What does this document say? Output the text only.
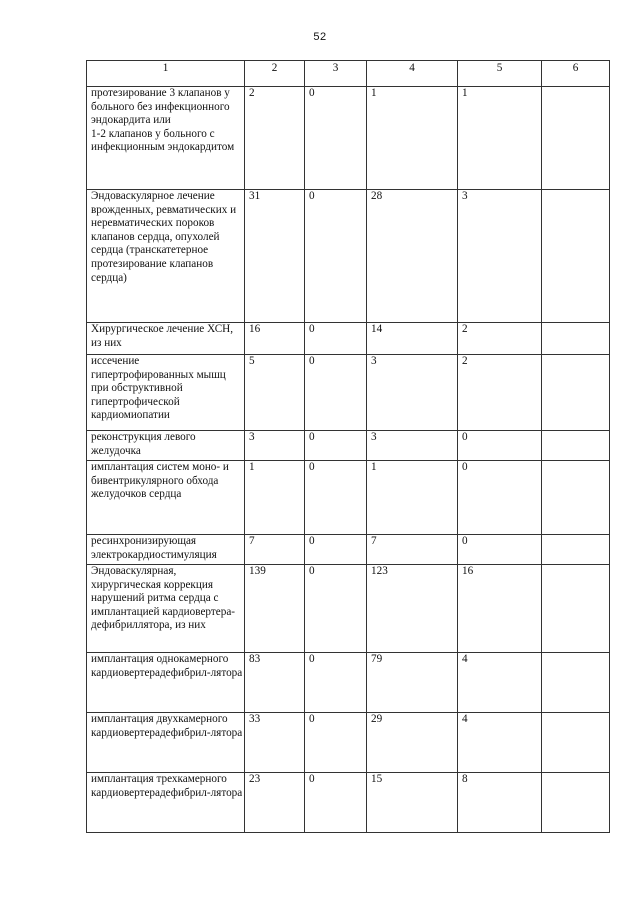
52
1	2	3	4	5	6
протезирование 3 клапанов у больного без инфекционного эндокардита или
1-2 клапанов у больного с инфекционным эндокардитом	2	0	1	1	
Эндоваскулярное лечение врожденных, ревматических и неревматических пороков клапанов сердца, опухолей сердца (транскатетерное протезирование клапанов сердца)	31	0	28	3	
Хирургическое лечение ХСН, из них	16	0	14	2	
иссечение гипертрофированных мышц при обструктивной гипертрофической кардиомиопатии	5	0	3	2	
реконструкция левого желудочка	3	0	3	0	
имплантация систем моно- и бивентрикулярного обхода желудочков сердца	1	0	1	0	
ресинхронизирующая электрокардиостимуляция	7	0	7	0	
Эндоваскулярная, хирургическая коррекция нарушений ритма сердца с имплантацией кардиовертера-дефибриллятора, из них	139	0	123	16	
имплантация однокамерного кардиовертерадефибрил-лятора	83	0	79	4	
имплантация двухкамерного кардиовертерадефибрил-лятора	33	0	29	4	
имплантация трехкамерного кардиовертерадефибрил-лятора	23	0	15	8	
